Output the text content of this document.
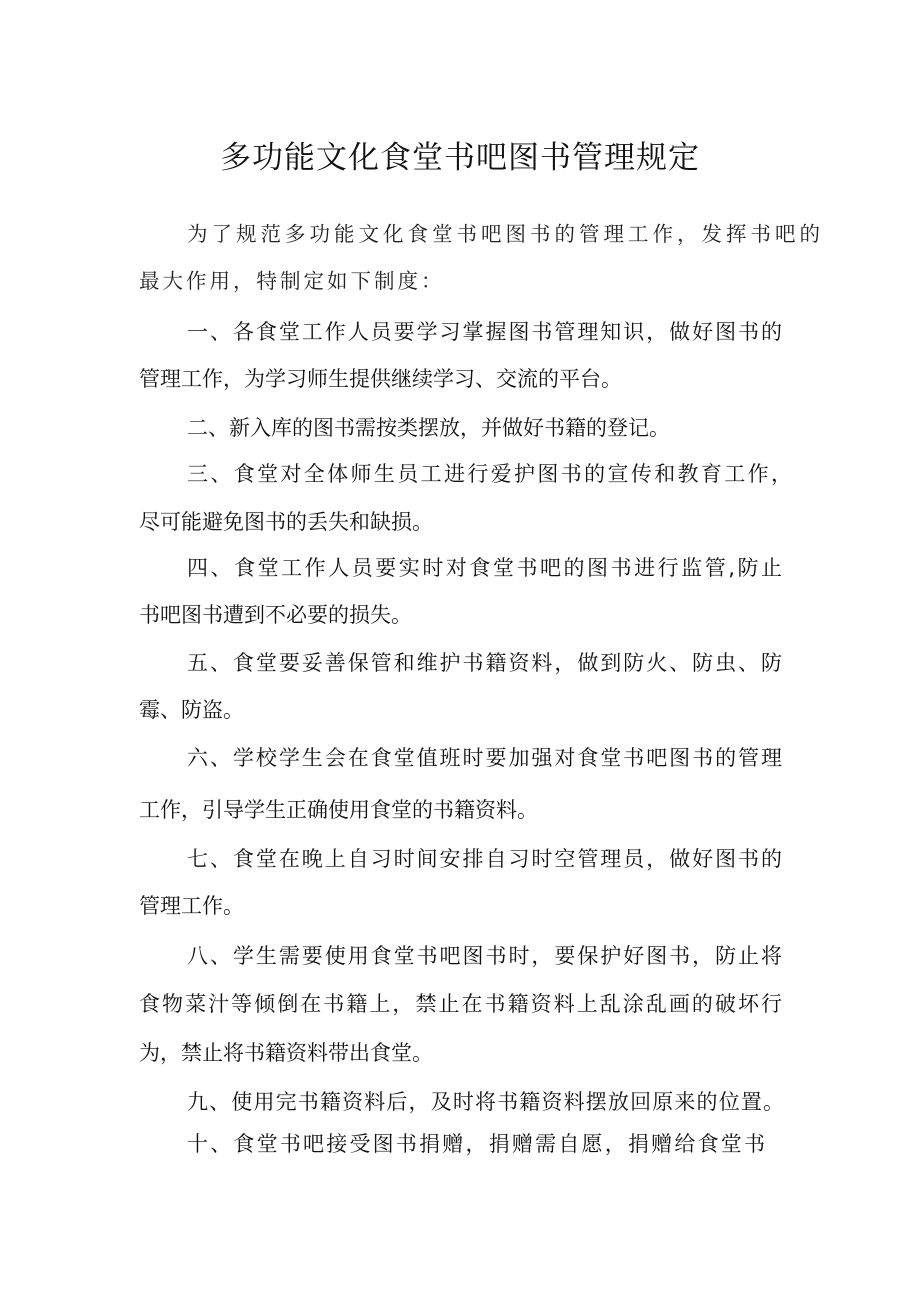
多功能文化食堂书吧图书管理规定
为了规范多功能文化食堂书吧图书的管理工作，发挥书吧的
最大作用，特制定如下制度：
一、各食堂工作人员要学习掌握图书管理知识，做好图书的
管理工作，为学习师生提供继续学习、交流的平台。
二、新入库的图书需按类摆放，并做好书籍的登记。
三、食堂对全体师生员工进行爱护图书的宣传和教育工作，
尽可能避免图书的丢失和缺损。
四、食堂工作人员要实时对食堂书吧的图书进行监管,防止
书吧图书遭到不必要的损失。
五、食堂要妥善保管和维护书籍资料，做到防火、防虫、防
霉、防盗。
六、学校学生会在食堂值班时要加强对食堂书吧图书的管理
工作，引导学生正确使用食堂的书籍资料。
七、食堂在晚上自习时间安排自习时空管理员，做好图书的
管理工作。
八、学生需要使用食堂书吧图书时，要保护好图书，防止将
食物菜汁等倾倒在书籍上，禁止在书籍资料上乱涂乱画的破坏行
为，禁止将书籍资料带出食堂。
九、使用完书籍资料后，及时将书籍资料摆放回原来的位置。
十、食堂书吧接受图书捐赠，捐赠需自愿，捐赠给食堂书
